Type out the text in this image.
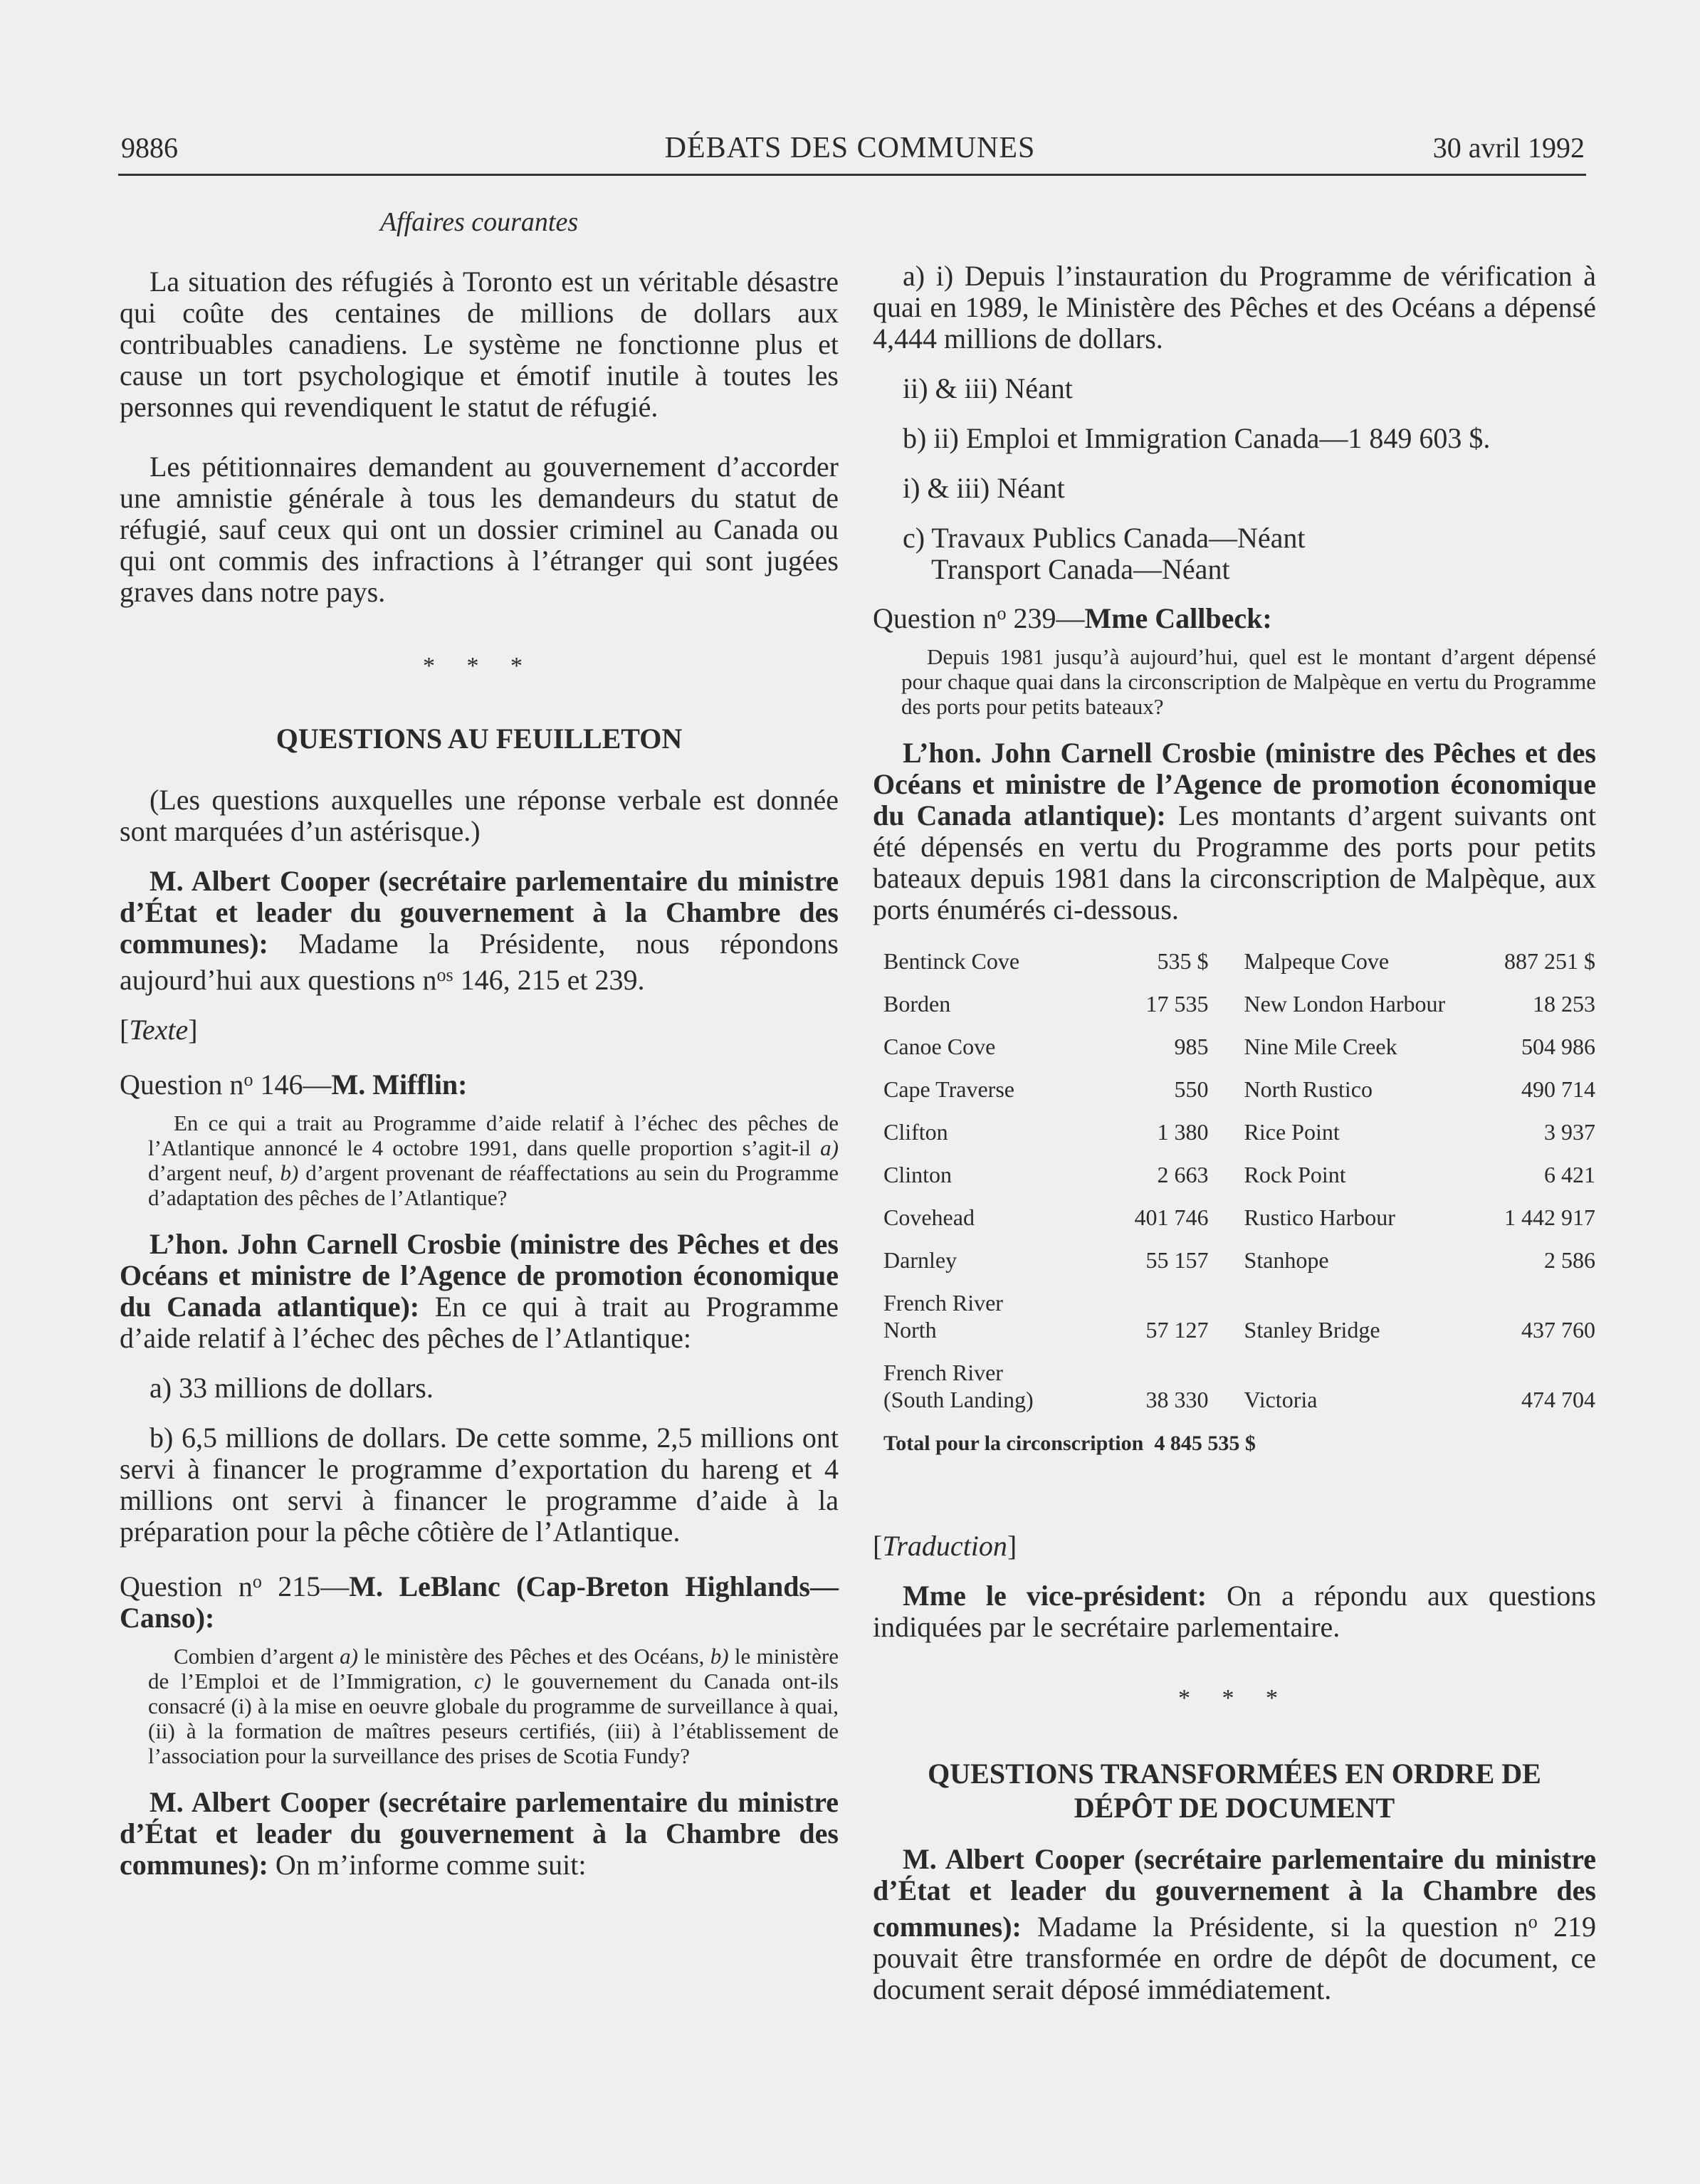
9886	DÉBATS DES COMMUNES	30 avril 1992

Affaires courantes

La situation des réfugiés à Toronto est un véritable désastre qui coûte des centaines de millions de dollars aux contribuables canadiens. Le système ne fonctionne plus et cause un tort psychologique et émotif inutile à toutes les personnes qui revendiquent le statut de réfugié.

Les pétitionnaires demandent au gouvernement d’accorder une amnistie générale à tous les demandeurs du statut de réfugié, sauf ceux qui ont un dossier criminel au Canada ou qui ont commis des infractions à l’étranger qui sont jugées graves dans notre pays.

* * *

QUESTIONS AU FEUILLETON

(Les questions auxquelles une réponse verbale est donnée sont marquées d’un astérisque.)

M. Albert Cooper (secrétaire parlementaire du ministre d’État et leader du gouvernement à la Chambre des communes): Madame la Présidente, nous répondons aujourd’hui aux questions $n^{os}$ 146, 215 et 239.

[Texte]

Question $n^o$ 146—M. Mifflin:

En ce qui a trait au Programme d’aide relatif à l’échec des pêches de l’Atlantique annoncé le 4 octobre 1991, dans quelle proportion s’agit-il a) d’argent neuf, b) d’argent provenant de réaffectations au sein du Programme d’adaptation des pêches de l’Atlantique?

L’hon. John Carnell Crosbie (ministre des Pêches et des Océans et ministre de l’Agence de promotion économique du Canada atlantique): En ce qui à trait au Programme d’aide relatif à l’échec des pêches de l’Atlantique:

a) 33 millions de dollars.

b) 6,5 millions de dollars. De cette somme, 2,5 millions ont servi à financer le programme d’exportation du hareng et 4 millions ont servi à financer le programme d’aide à la préparation pour la pêche côtière de l’Atlantique.

Question $n^o$ 215—M. LeBlanc (Cap-Breton Highlands—Canso):

Combien d’argent a) le ministère des Pêches et des Océans, b) le ministère de l’Emploi et de l’Immigration, c) le gouvernement du Canada ont-ils consacré (i) à la mise en oeuvre globale du programme de surveillance à quai, (ii) à la formation de maîtres peseurs certifiés, (iii) à l’établissement de l’association pour la surveillance des prises de Scotia Fundy?

M. Albert Cooper (secrétaire parlementaire du ministre d’État et leader du gouvernement à la Chambre des communes): On m’informe comme suit:

a) i) Depuis l’instauration du Programme de vérification à quai en 1989, le Ministère des Pêches et des Océans a dépensé 4,444 millions de dollars.

ii) & iii) Néant

b) ii) Emploi et Immigration Canada—1 849 603 $.

i) & iii) Néant

c) Travaux Publics Canada—Néant

Transport Canada—Néant

Question $n^o$ 239—Mme Callbeck:

Depuis 1981 jusqu’à aujourd’hui, quel est le montant d’argent dépensé pour chaque quai dans la circonscription de Malpèque en vertu du Programme des ports pour petits bateaux?

L’hon. John Carnell Crosbie (ministre des Pêches et des Océans et ministre de l’Agence de promotion économique du Canada atlantique): Les montants d’argent suivants ont été dépensés en vertu du Programme des ports pour petits bateaux depuis 1981 dans la circonscription de Malpèque, aux ports énumérés ci-dessous.

Bentinck Cove	535 $	Malpeque Cove	887 251 $
Borden	17 535	New London Harbour	18 253
Canoe Cove	985	Nine Mile Creek	504 986
Cape Traverse	550	North Rustico	490 714
Clifton	1 380	Rice Point	3 937
Clinton	2 663	Rock Point	6 421
Covehead	401 746	Rustico Harbour	1 442 917
Darnley	55 157	Stanhope	2 586
French River North	57 127	Stanley Bridge	437 760
French River (South Landing)	38 330	Victoria	474 704
Total pour la circonscription 4 845 535 $

[Traduction]

Mme le vice-président: On a répondu aux questions indiquées par le secrétaire parlementaire.

* * *

QUESTIONS TRANSFORMÉES EN ORDRE DE DÉPÔT DE DOCUMENT

M. Albert Cooper (secrétaire parlementaire du ministre d’État et leader du gouvernement à la Chambre des communes): Madame la Présidente, si la question $n^o$ 219 pouvait être transformée en ordre de dépôt de document, ce document serait déposé immédiatement.
